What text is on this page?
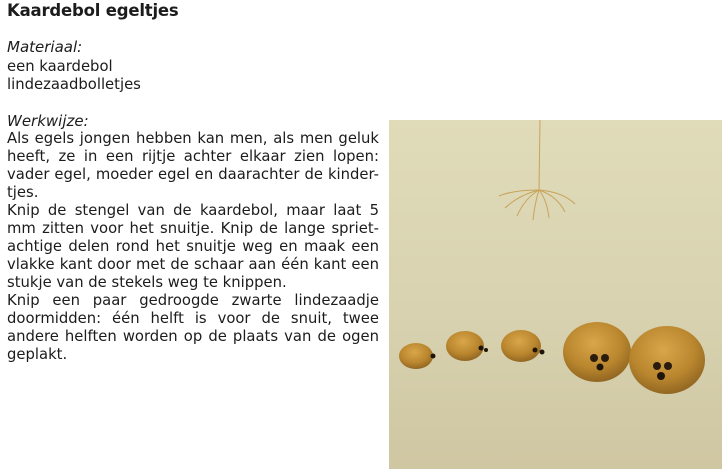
Kaardebol egeltjes
Materiaal:
een kaardebol
lindezaadbolletjes
Werkwijze:
Als egels jongen hebben kan men, als men geluk
heeft, ze in een rijtje achter elkaar zien lopen:
vader egel, moeder egel en daarachter de kinder-
tjes.
Knip de stengel van de kaardebol, maar laat 5
mm zitten voor het snuitje. Knip de lange spriet-
achtige delen rond het snuitje weg en maak een
vlakke kant door met de schaar aan één kant een
stukje van de stekels weg te knippen.
Knip een paar gedroogde zwarte lindezaadje
doormidden: één helft is voor de snuit, twee
andere helften worden op de plaats van de ogen
geplakt.
